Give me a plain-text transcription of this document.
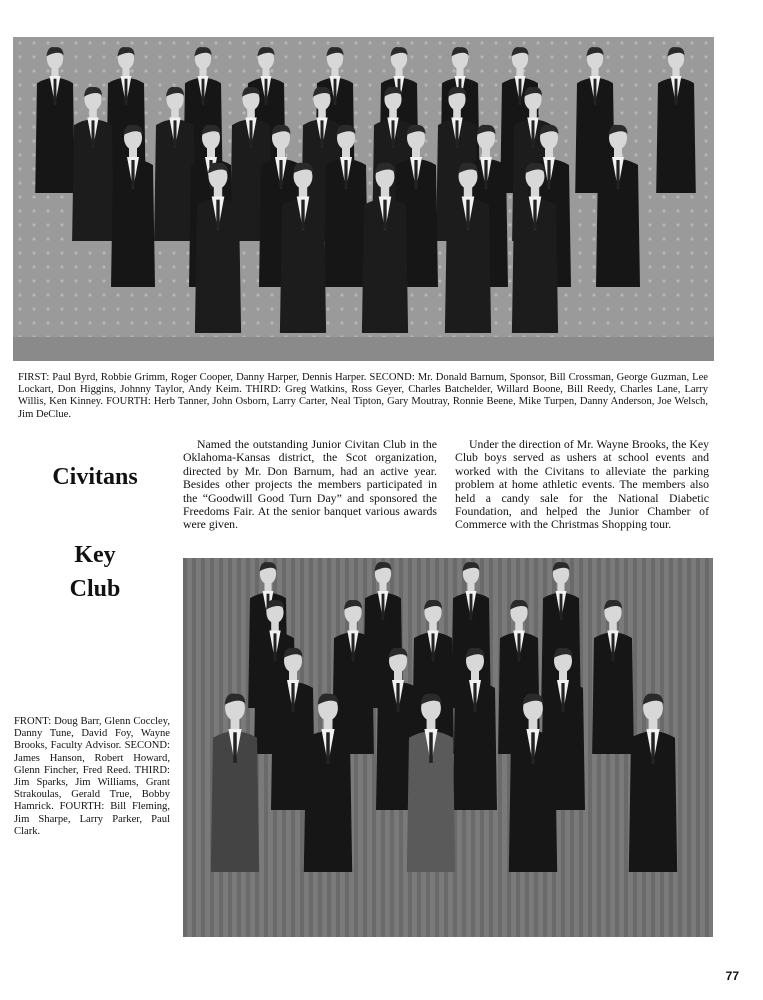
FIRST: Paul Byrd, Robbie Grimm, Roger Cooper, Danny Harper, Dennis Harper. SECOND: Mr. Donald Barnum, Sponsor, Bill Crossman, George Guzman, Lee Lockart, Don Higgins, Johnny Taylor, Andy Keim. THIRD: Greg Watkins, Ross Geyer, Charles Batchelder, Willard Boone, Bill Reedy, Charles Lane, Larry Willis, Ken Kinney. FOURTH: Herb Tanner, John Osborn, Larry Carter, Neal Tipton, Gary Moutray, Ronnie Beene, Mike Turpen, Danny Anderson, Joe Welsch, Jim DeClue.

Civitans

Named the outstanding Junior Civitan Club in the Oklahoma-Kansas district, the Scot organization, directed by Mr. Don Barnum, had an active year. Besides other projects the members participated in the “Goodwill Good Turn Day” and sponsored the Freedoms Fair. At the senior banquet various awards were given.

Under the direction of Mr. Wayne Brooks, the Key Club boys served as ushers at school events and worked with the Civitans to alleviate the parking problem at home athletic events. The members also held a candy sale for the National Diabetic Foundation, and helped the Junior Chamber of Commerce with the Christmas Shopping tour.

Key
Club

FRONT: Doug Barr, Glenn Coccley, Danny Tune, David Foy, Wayne Brooks, Faculty Advisor. SECOND: James Hanson, Robert Howard, Glenn Fincher, Fred Reed. THIRD: Jim Sparks, Jim Williams, Grant Strakoulas, Gerald True, Bobby Hamrick. FOURTH: Bill Fleming, Jim Sharpe, Larry Parker, Paul Clark.

77
